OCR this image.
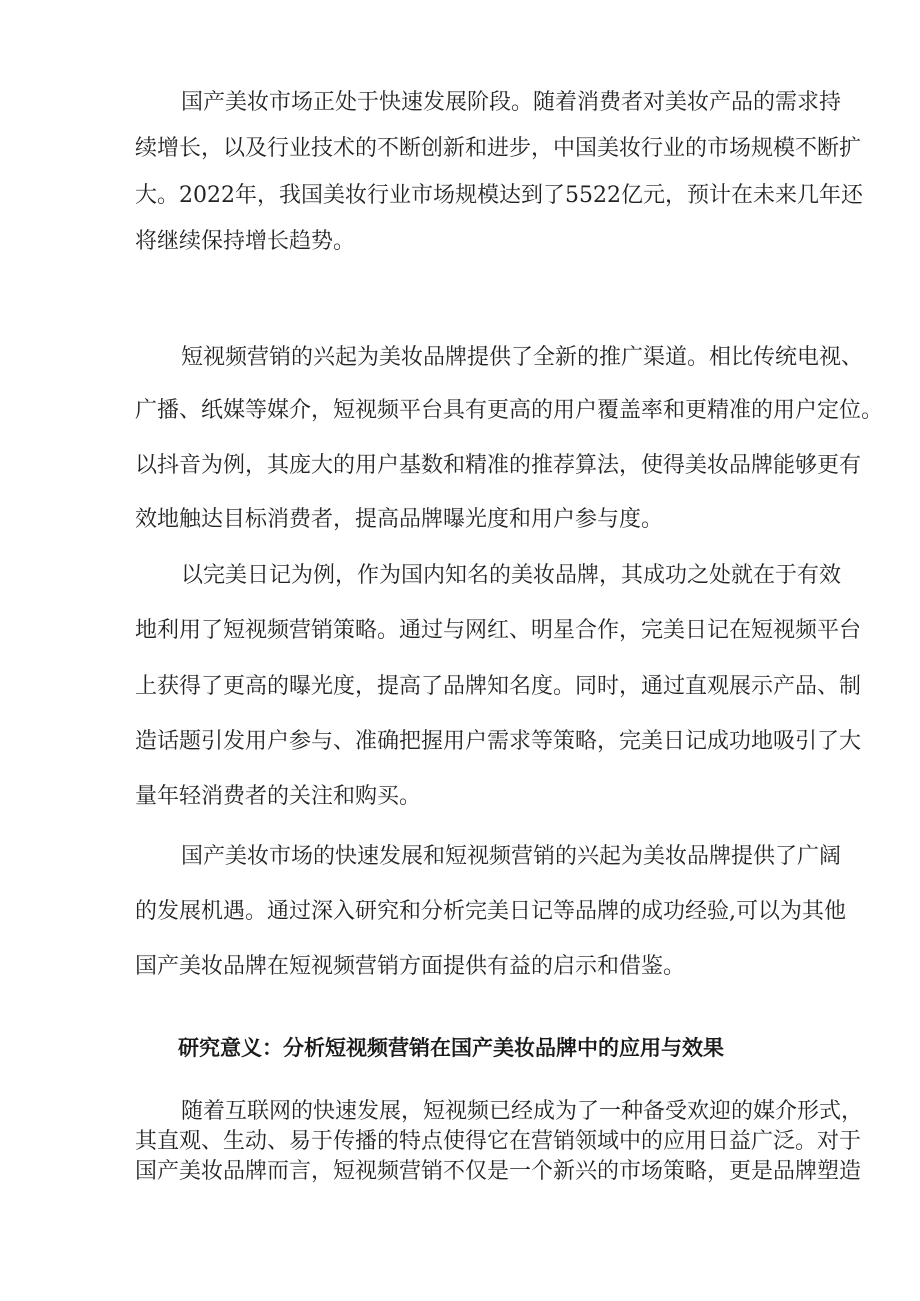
国产美妆市场正处于快速发展阶段。随着消费者对美妆产品的需求持
续增长，以及行业技术的不断创新和进步，中国美妆行业的市场规模不断扩
大。2022年，我国美妆行业市场规模达到了5522亿元，预计在未来几年还
将继续保持增长趋势。
短视频营销的兴起为美妆品牌提供了全新的推广渠道。相比传统电视、
广播、纸媒等媒介，短视频平台具有更高的用户覆盖率和更精准的用户定位。
以抖音为例，其庞大的用户基数和精准的推荐算法，使得美妆品牌能够更有
效地触达目标消费者，提高品牌曝光度和用户参与度。
以完美日记为例，作为国内知名的美妆品牌，其成功之处就在于有效
地利用了短视频营销策略。通过与网红、明星合作，完美日记在短视频平台
上获得了更高的曝光度，提高了品牌知名度。同时，通过直观展示产品、制
造话题引发用户参与、准确把握用户需求等策略，完美日记成功地吸引了大
量年轻消费者的关注和购买。
国产美妆市场的快速发展和短视频营销的兴起为美妆品牌提供了广阔
的发展机遇。通过深入研究和分析完美日记等品牌的成功经验,可以为其他
国产美妆品牌在短视频营销方面提供有益的启示和借鉴。
研究意义：分析短视频营销在国产美妆品牌中的应用与效果
随着互联网的快速发展，短视频已经成为了一种备受欢迎的媒介形式，
其直观、生动、易于传播的特点使得它在营销领域中的应用日益广泛。对于
国产美妆品牌而言，短视频营销不仅是一个新兴的市场策略，更是品牌塑造
